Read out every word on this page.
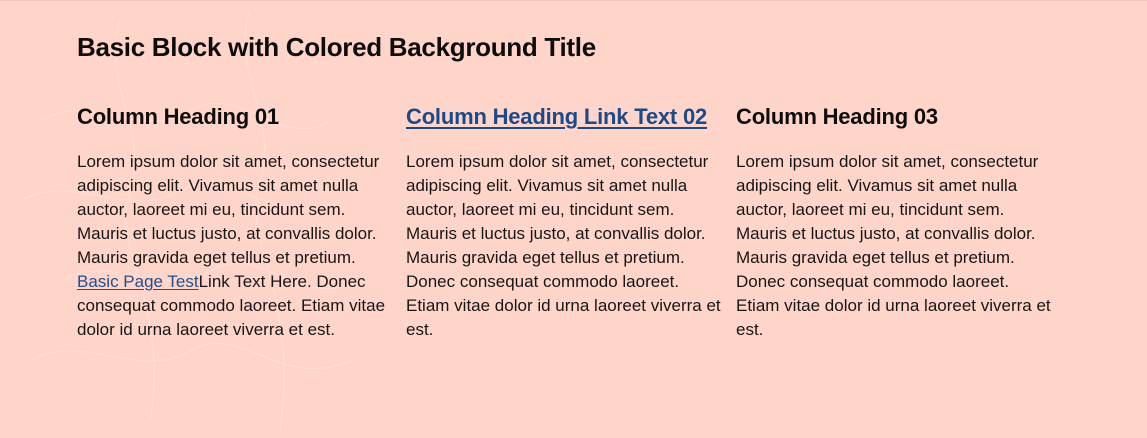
Basic Block with Colored Background Title
Column Heading 01

Lorem ipsum dolor sit amet, consectetur adipiscing elit. Vivamus sit amet nulla auctor, laoreet mi eu, tincidunt sem. Mauris et luctus justo, at convallis dolor. Mauris gravida eget tellus et pretium. Basic Page TestLink Text Here. Donec consequat commodo laoreet. Etiam vitae dolor id urna laoreet viverra et est.

Column Heading Link Text 02

Lorem ipsum dolor sit amet, consectetur adipiscing elit. Vivamus sit amet nulla auctor, laoreet mi eu, tincidunt sem. Mauris et luctus justo, at convallis dolor. Mauris gravida eget tellus et pretium. Donec consequat commodo laoreet. Etiam vitae dolor id urna laoreet viverra et est.

Column Heading 03

Lorem ipsum dolor sit amet, consectetur adipiscing elit. Vivamus sit amet nulla auctor, laoreet mi eu, tincidunt sem. Mauris et luctus justo, at convallis dolor. Mauris gravida eget tellus et pretium. Donec consequat commodo laoreet. Etiam vitae dolor id urna laoreet viverra et est.
